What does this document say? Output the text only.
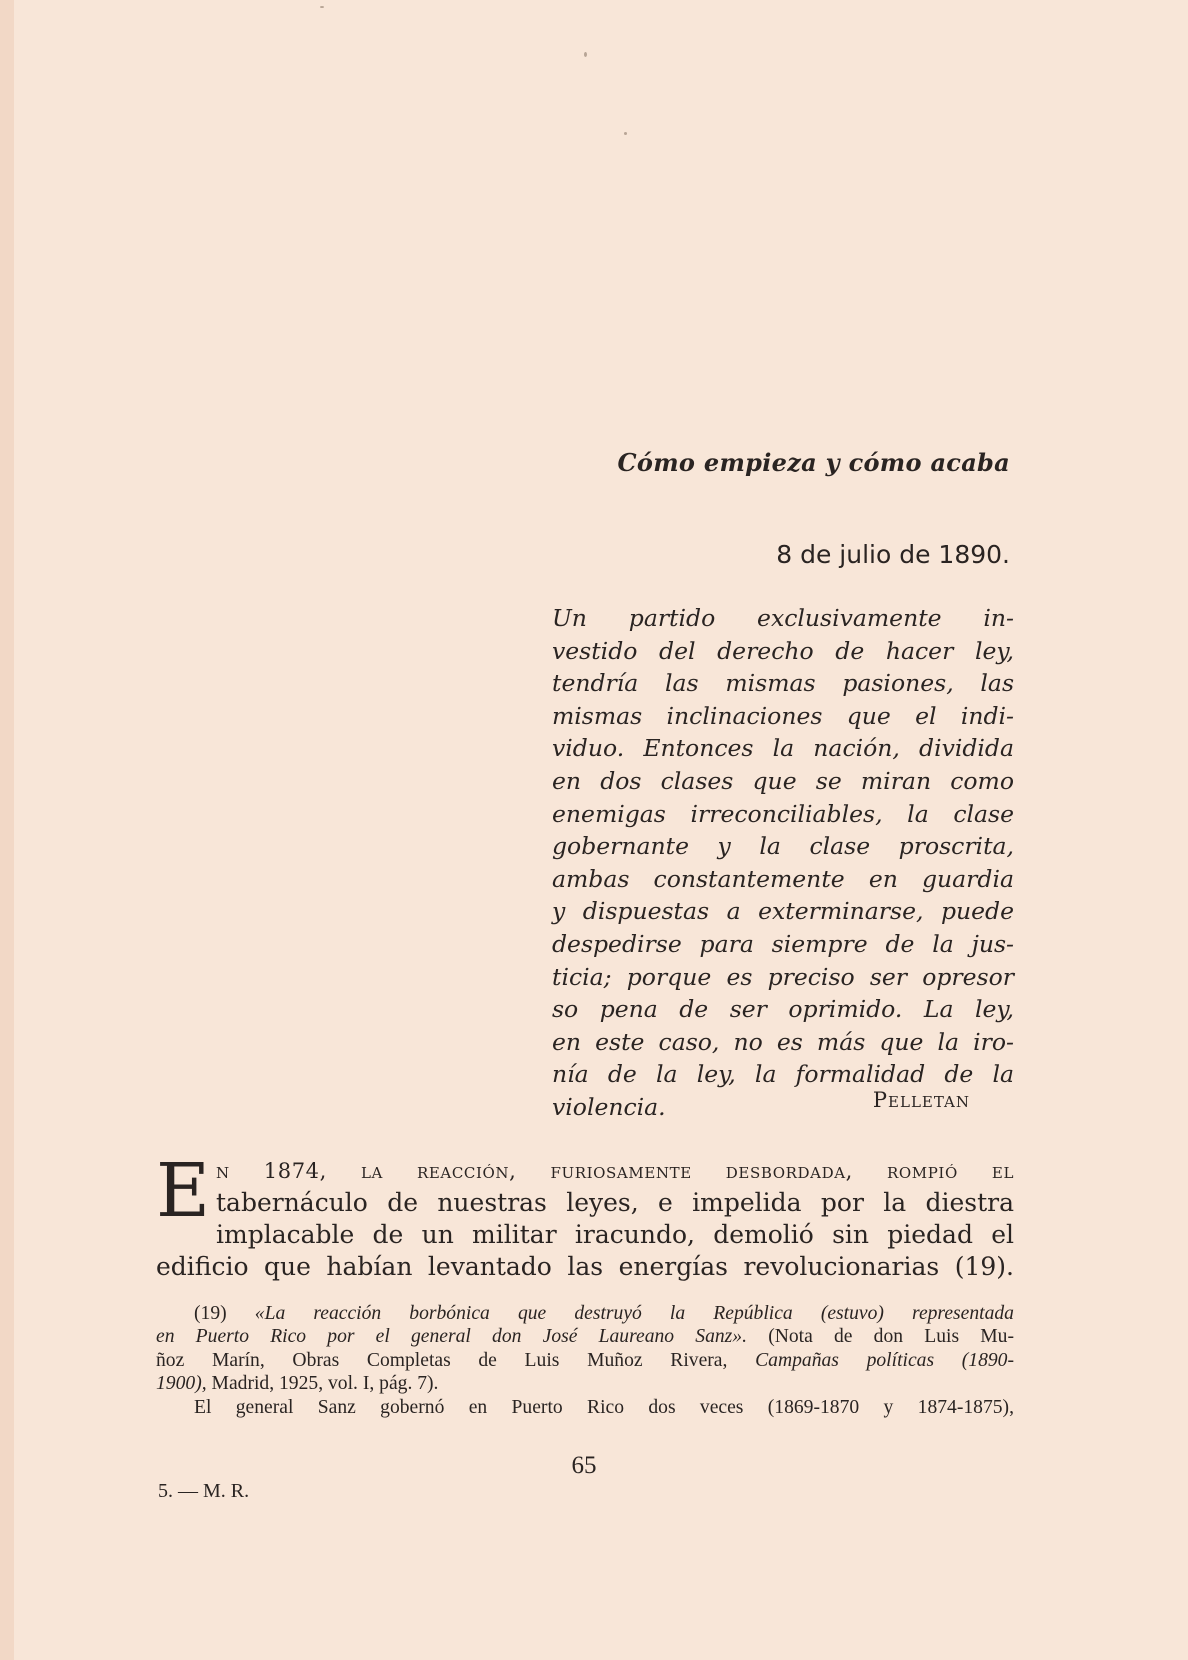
Cómo empieza y cómo acaba
8 de julio de 1890.
Un partido exclusivamente in-
vestido del derecho de hacer ley,
tendría las mismas pasiones, las
mismas inclinaciones que el indi-
viduo. Entonces la nación, dividida
en dos clases que se miran como
enemigas irreconciliables, la clase
gobernante y la clase proscrita,
ambas constantemente en guardia
y dispuestas a exterminarse, puede
despedirse para siempre de la jus-
ticia; porque es preciso ser opresor
so pena de ser oprimido. La ley,
en este caso, no es más que la iro-
nía de la ley, la formalidad de la
violencia.	Pelletan
E n 1874, la reacción, furiosamente desbordada, rompió el
tabernáculo de nuestras leyes, e impelida por la diestra
implacable de un militar iracundo, demolió sin piedad el
edificio que habían levantado las energías revolucionarias (19).
(19) «La reacción borbónica que destruyó la República (estuvo) representada
en Puerto Rico por el general don José Laureano Sanz». (Nota de don Luis Mu-
ñoz Marín, Obras Completas de Luis Muñoz Rivera, Campañas políticas (1890-
1900), Madrid, 1925, vol. I, pág. 7).
El general Sanz gobernó en Puerto Rico dos veces (1869-1870 y 1874-1875),
65
5. — M. R.
